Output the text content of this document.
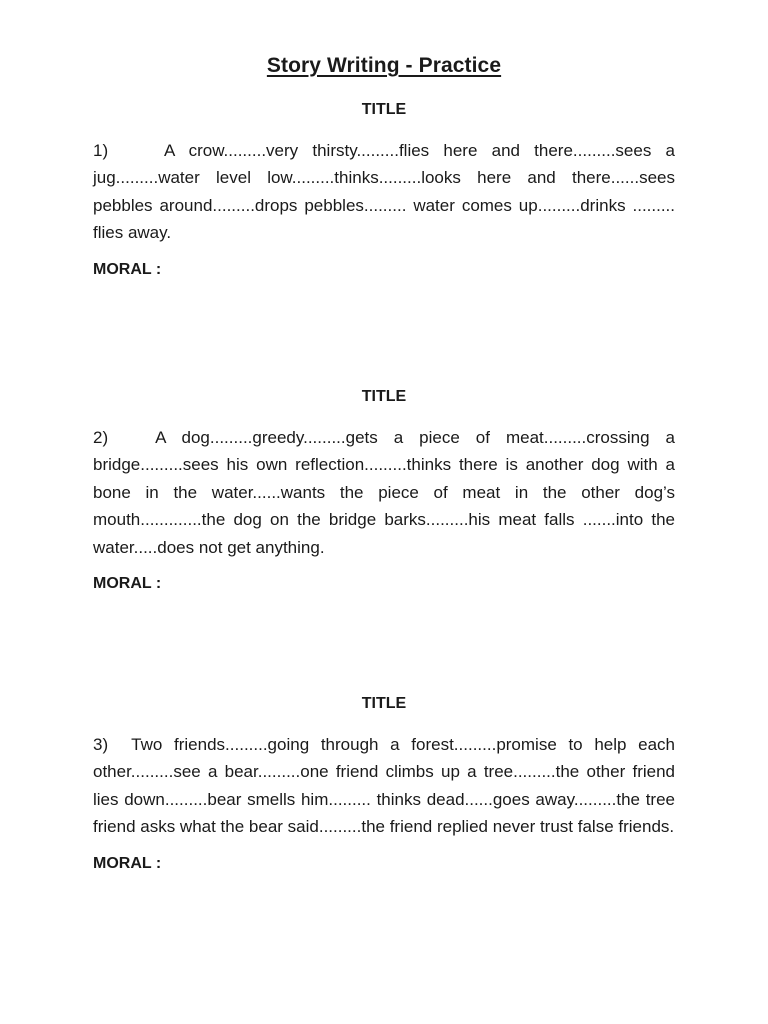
Story Writing - Practice
TITLE
1)    A crow.........very thirsty.........flies here and there.........sees a jug.........water level low.........thinks.........looks here and there......sees pebbles around.........drops pebbles......... water comes up.........drinks ......... flies away.
MORAL :
TITLE
2)   A dog.........greedy.........gets a piece of meat.........crossing a bridge.........sees his own reflection.........thinks there is another dog with a bone in the water......wants the piece of meat in the other dog’s mouth.............the dog on the bridge barks.........his meat falls .......into the water.....does not get anything.
MORAL :
TITLE
3)  Two friends.........going through a forest.........promise to help each other.........see a bear.........one friend climbs up a tree.........the other friend lies down.........bear smells him......... thinks dead......goes away.........the tree friend asks what the bear said.........the friend replied never trust false friends.
MORAL :
